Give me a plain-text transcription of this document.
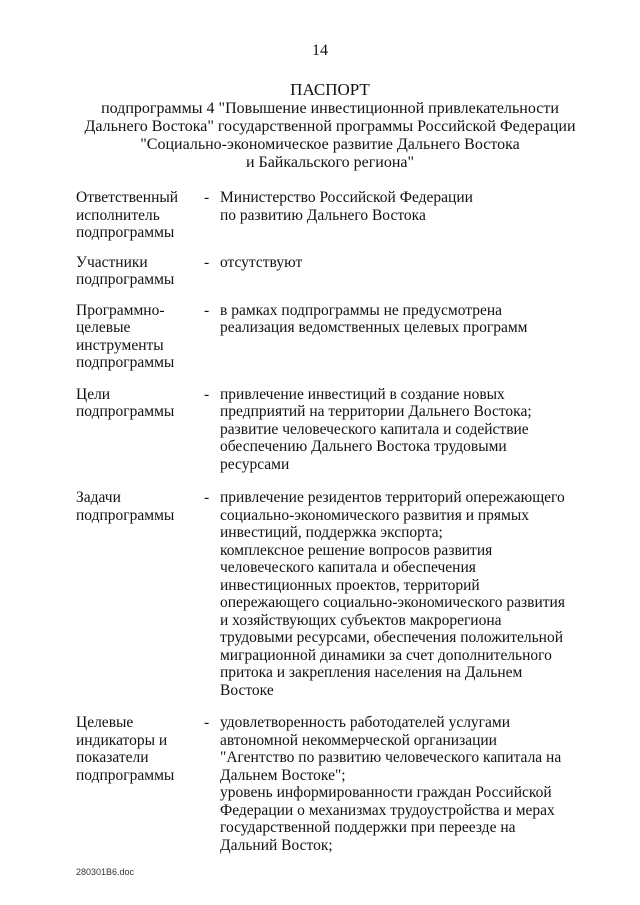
14
ПАСПОРТ
подпрограммы 4 "Повышение инвестиционной привлекательности
Дальнего Востока" государственной программы Российской Федерации
"Социально-экономическое развитие Дальнего Востока
и Байкальского региона"
Ответственный
исполнитель
подпрограммы
- Министерство Российской Федерации
по развитию Дальнего Востока
Участники
подпрограммы
- отсутствуют
Программно-
целевые
инструменты
подпрограммы
- в рамках подпрограммы не предусмотрена
реализация ведомственных целевых программ
Цели
подпрограммы
- привлечение инвестиций в создание новых
предприятий на территории Дальнего Востока;
развитие человеческого капитала и содействие
обеспечению Дальнего Востока трудовыми
ресурсами
Задачи
подпрограммы
- привлечение резидентов территорий опережающего
социально-экономического развития и прямых
инвестиций, поддержка экспорта;
комплексное решение вопросов развития
человеческого капитала и обеспечения
инвестиционных проектов, территорий
опережающего социально-экономического развития
и хозяйствующих субъектов макрорегиона
трудовыми ресурсами, обеспечения положительной
миграционной динамики за счет дополнительного
притока и закрепления населения на Дальнем
Востоке
Целевые
индикаторы и
показатели
подпрограммы
- удовлетворенность работодателей услугами
автономной некоммерческой организации
"Агентство по развитию человеческого капитала на
Дальнем Востоке";
уровень информированности граждан Российской
Федерации о механизмах трудоустройства и мерах
государственной поддержки при переезде на
Дальний Восток;
280301B6.doc
